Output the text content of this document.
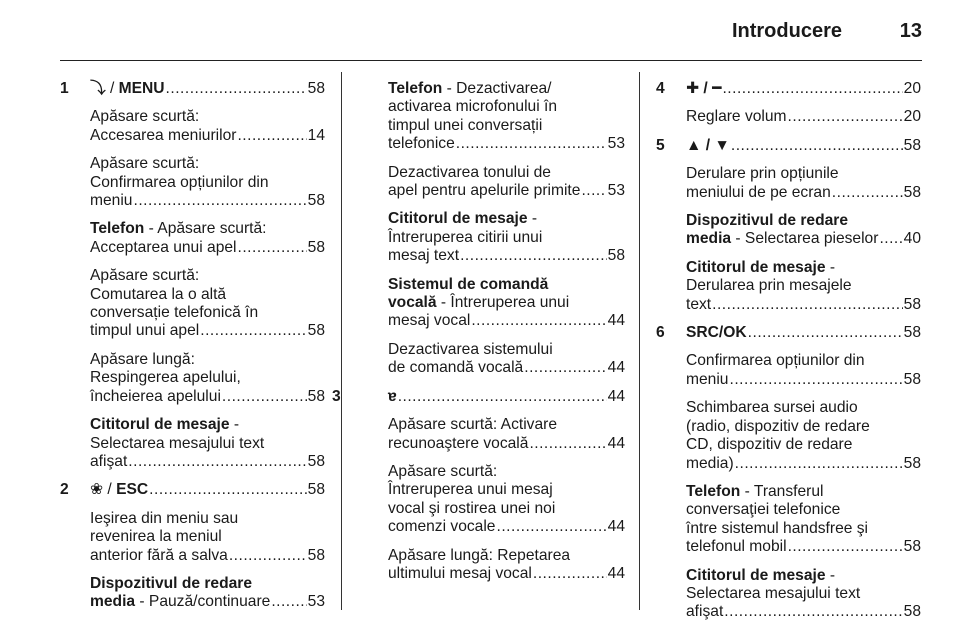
Introducere	13
1 ⤵ / MENU .....	58
Apăsare scurtă:
Accesarea meniurilor .....	14
Apăsare scurtă:
Confirmarea opțiunilor din
meniu .....	58
Telefon - Apăsare scurtă:
Acceptarea unui apel .....	58
Apăsare scurtă:
Comutarea la o altă
conversație telefonică în
timpul unui apel .....	58
Apăsare lungă:
Respingerea apelului,
încheierea apelului .....	58
Cititorul de mesaje -
Selectarea mesajului text
afişat .....	58
2 ❀ / ESC .....	58
Ieşirea din meniu sau
revenirea la meniul
anterior fără a salva .....	58
Dispozitivul de redare
media - Pauză/continuare ..... 53
Telefon - Dezactivarea/
activarea microfonului în
timpul unei conversații
telefonice .....	53
Dezactivarea tonului de
apel pentru apelurile primite ..... 53
Cititorul de mesaje -
Întreruperea citirii unui
mesaj text .....	58
Sistemul de comandă
vocală - Întreruperea unui
mesaj vocal .....	44
Dezactivarea sistemului
de comandă vocală .....	44
3	ɐ .....	44
Apăsare scurtă: Activare
recunoaştere vocală .....	44
Apăsare scurtă:
Întreruperea unui mesaj
vocal şi rostirea unei noi
comenzi vocale .....	44
Apăsare lungă: Repetarea
ultimului mesaj vocal .....	44
4 ✚ / ━ .....	20
Reglare volum .....	20
5 ▲ / ▼ .....	58
Derulare prin opțiunile
meniului de pe ecran .....	58
Dispozitivul de redare
media - Selectarea pieselor ..... 40
Cititorul de mesaje -
Derularea prin mesajele
text .....	58
6 SRC/OK .....	58
Confirmarea opțiunilor din
meniu .....	58
Schimbarea sursei audio
(radio, dispozitiv de redare
CD, dispozitiv de redare
media) .....	58
Telefon - Transferul
conversaţiei telefonice
între sistemul handsfree şi
telefonul mobil .....	58
Cititorul de mesaje -
Selectarea mesajului text
afişat .....	58
